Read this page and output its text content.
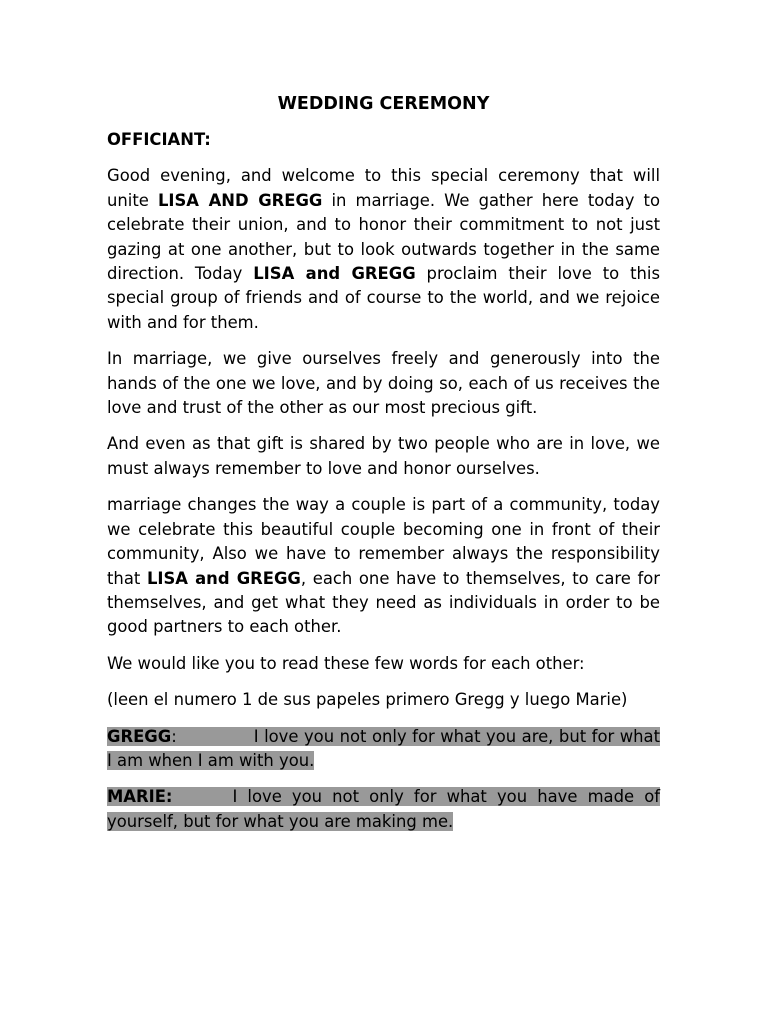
WEDDING CEREMONY
OFFICIANT:

Good evening, and welcome to this special ceremony that will unite LISA AND GREGG in marriage. We gather here today to celebrate their union, and to honor their commitment to not just gazing at one another, but to look outwards together in the same direction. Today LISA and GREGG proclaim their love to this special group of friends and of course to the world, and we rejoice with and for them.

In marriage, we give ourselves freely and generously into the hands of the one we love, and by doing so, each of us receives the love and trust of the other as our most precious gift.

And even as that gift is shared by two people who are in love, we must always remember to love and honor ourselves.

marriage changes the way a couple is part of a community, today we celebrate this beautiful couple becoming one in front of their community, Also we have to remember always the responsibility that LISA and GREGG, each one have to themselves, to care for themselves, and get what they need as individuals in order to be good partners to each other.

We would like you to read these few words for each other:

(leen el numero 1 de sus papeles primero Gregg y luego Marie)

GREGG:	I love you not only for what you are, but for what I am when I am with you.

MARIE:	I love you not only for what you have made of yourself, but for what you are making me.
